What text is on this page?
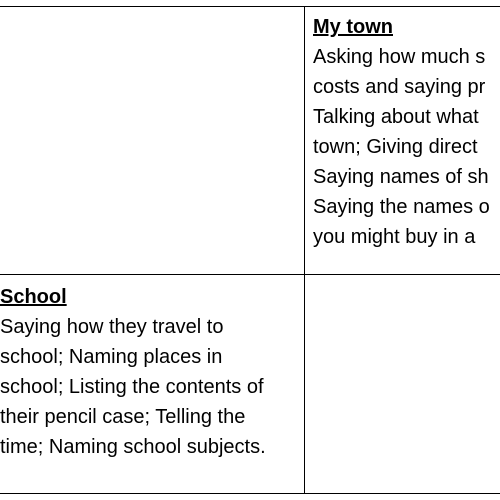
My town
Asking how much s
costs and saying pr
Talking about what
town; Giving direct
Saying names of sh
Saying the names o
you might buy in a
School
Saying how they travel to
school; Naming places in
school; Listing the contents of
their pencil case; Telling the
time; Naming school subjects.
